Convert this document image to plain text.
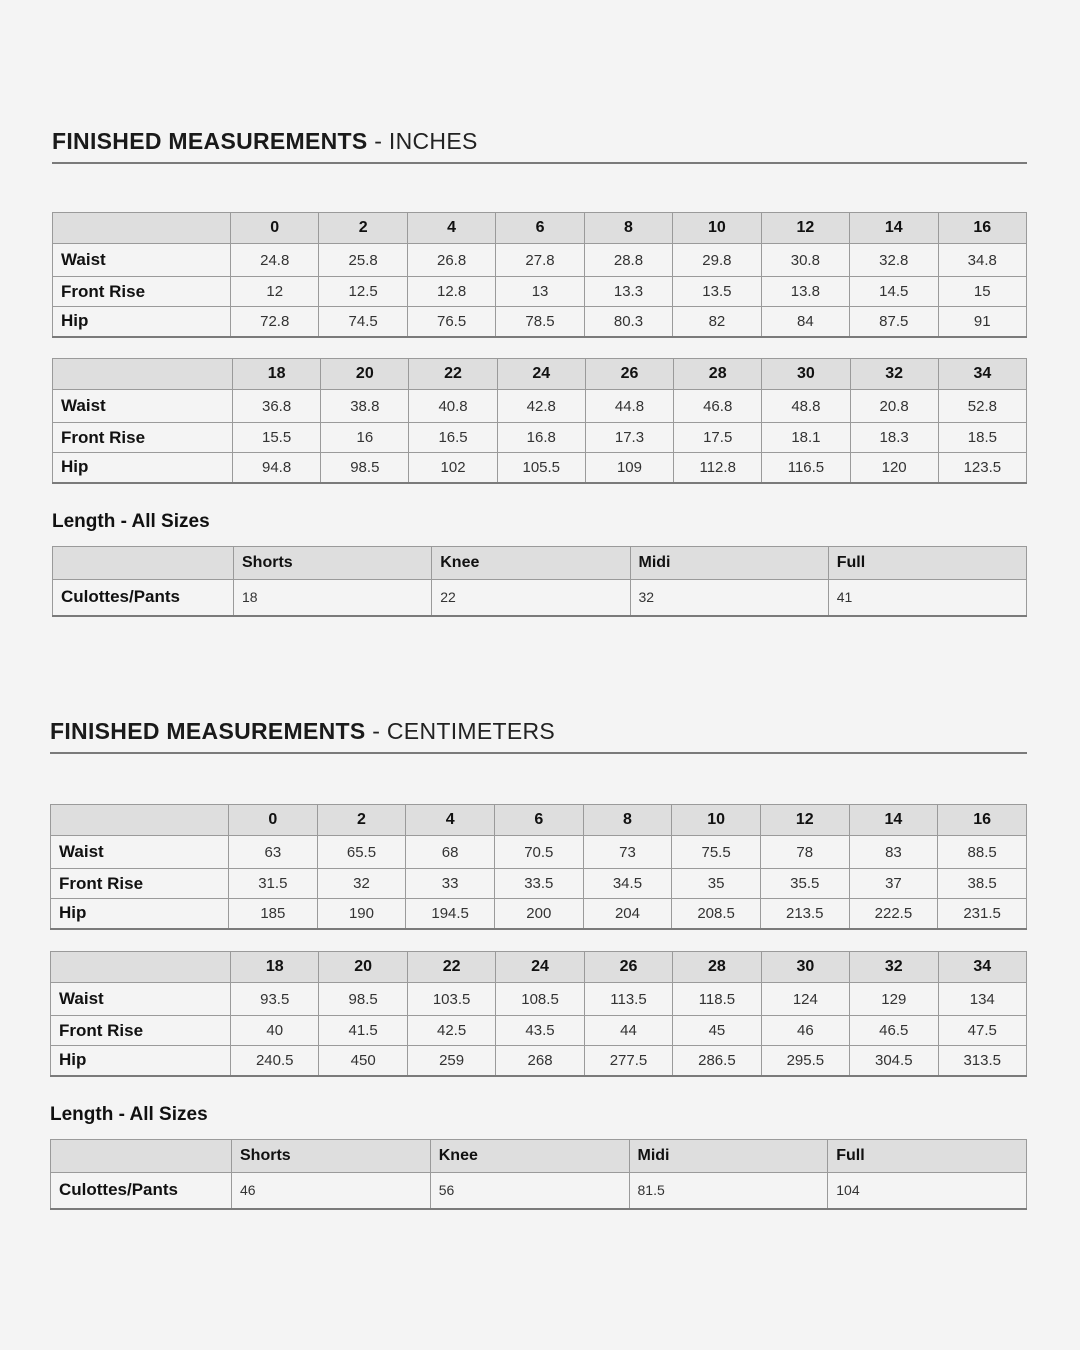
FINISHED MEASUREMENTS - INCHES
	0	2	4	6	8	10	12	14	16
Waist	24.8	25.8	26.8	27.8	28.8	29.8	30.8	32.8	34.8
Front Rise	12	12.5	12.8	13	13.3	13.5	13.8	14.5	15
Hip	72.8	74.5	76.5	78.5	80.3	82	84	87.5	91
	18	20	22	24	26	28	30	32	34
Waist	36.8	38.8	40.8	42.8	44.8	46.8	48.8	20.8	52.8
Front Rise	15.5	16	16.5	16.8	17.3	17.5	18.1	18.3	18.5
Hip	94.8	98.5	102	105.5	109	112.8	116.5	120	123.5
Length - All Sizes
	Shorts	Knee	Midi	Full
Culottes/Pants	18	22	32	41
FINISHED MEASUREMENTS - CENTIMETERS
	0	2	4	6	8	10	12	14	16
Waist	63	65.5	68	70.5	73	75.5	78	83	88.5
Front Rise	31.5	32	33	33.5	34.5	35	35.5	37	38.5
Hip	185	190	194.5	200	204	208.5	213.5	222.5	231.5
	18	20	22	24	26	28	30	32	34
Waist	93.5	98.5	103.5	108.5	113.5	118.5	124	129	134
Front Rise	40	41.5	42.5	43.5	44	45	46	46.5	47.5
Hip	240.5	450	259	268	277.5	286.5	295.5	304.5	313.5
Length - All Sizes
	Shorts	Knee	Midi	Full
Culottes/Pants	46	56	81.5	104
